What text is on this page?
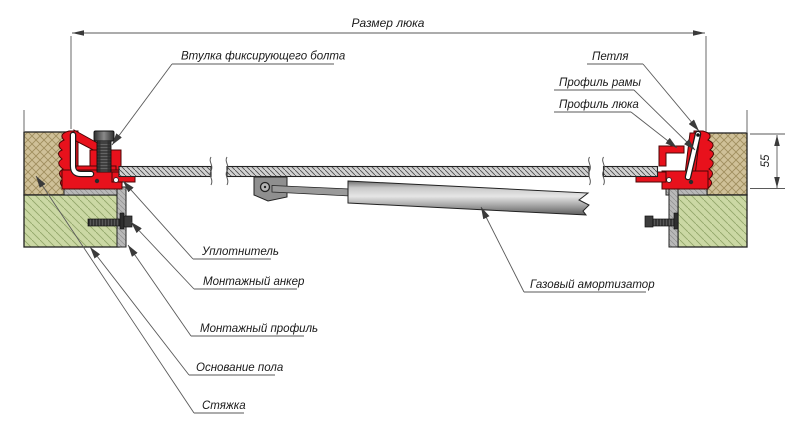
Размер люка
55
Втулка фиксирующего болта	Петля
Профиль рамы
Профиль люка
Уплотнитель
Монтажный анкер
Монтажный профиль
Основание пола
Стяжка
Газовый амортизатор
